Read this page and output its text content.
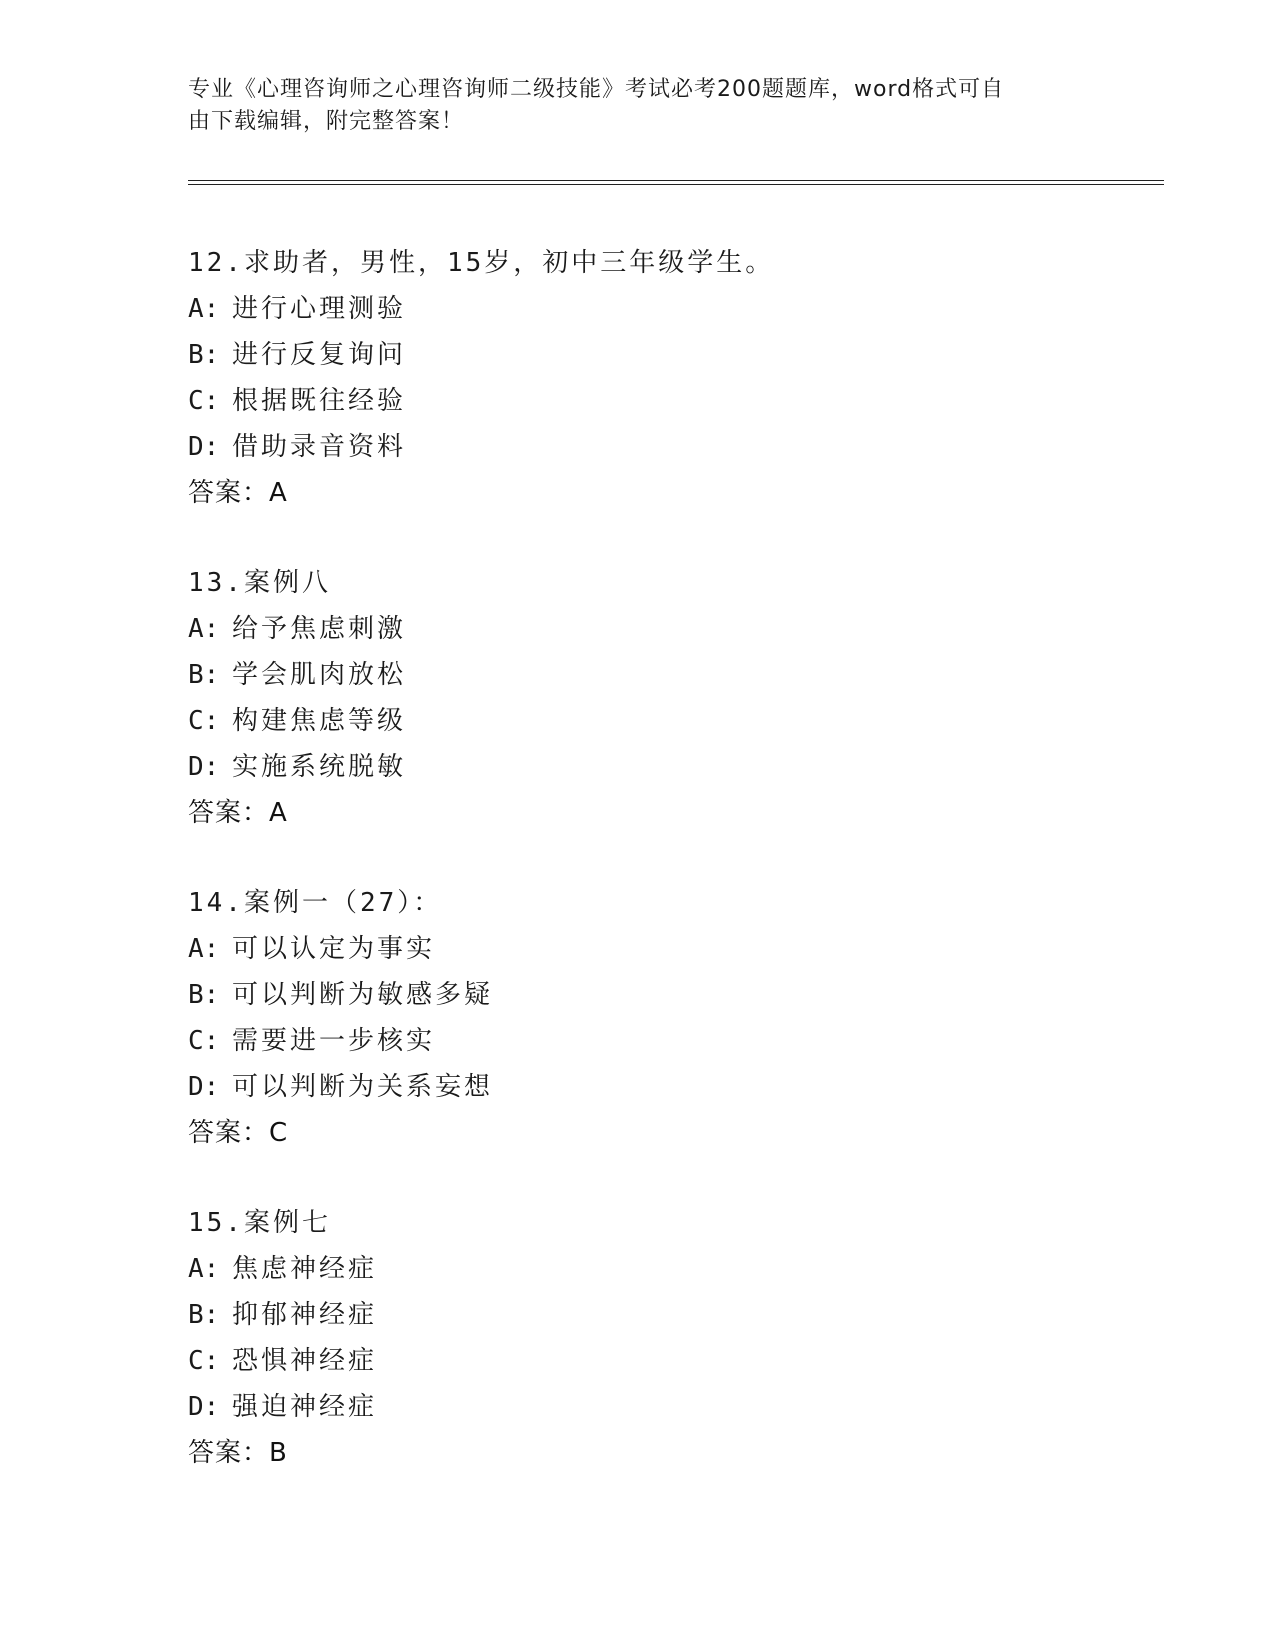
专业《心理咨询师之心理咨询师二级技能》考试必考200题题库，word格式可自
由下载编辑，附完整答案！
12.求助者，男性，15岁，初中三年级学生。
A: 进行心理测验
B: 进行反复询问
C: 根据既往经验
D: 借助录音资料
答案：A
13.案例八
A: 给予焦虑刺激
B: 学会肌肉放松
C: 构建焦虑等级
D: 实施系统脱敏
答案：A
14.案例一（27）：
A: 可以认定为事实
B: 可以判断为敏感多疑
C: 需要进一步核实
D: 可以判断为关系妄想
答案：C
15.案例七
A: 焦虑神经症
B: 抑郁神经症
C: 恐惧神经症
D: 强迫神经症
答案：B
